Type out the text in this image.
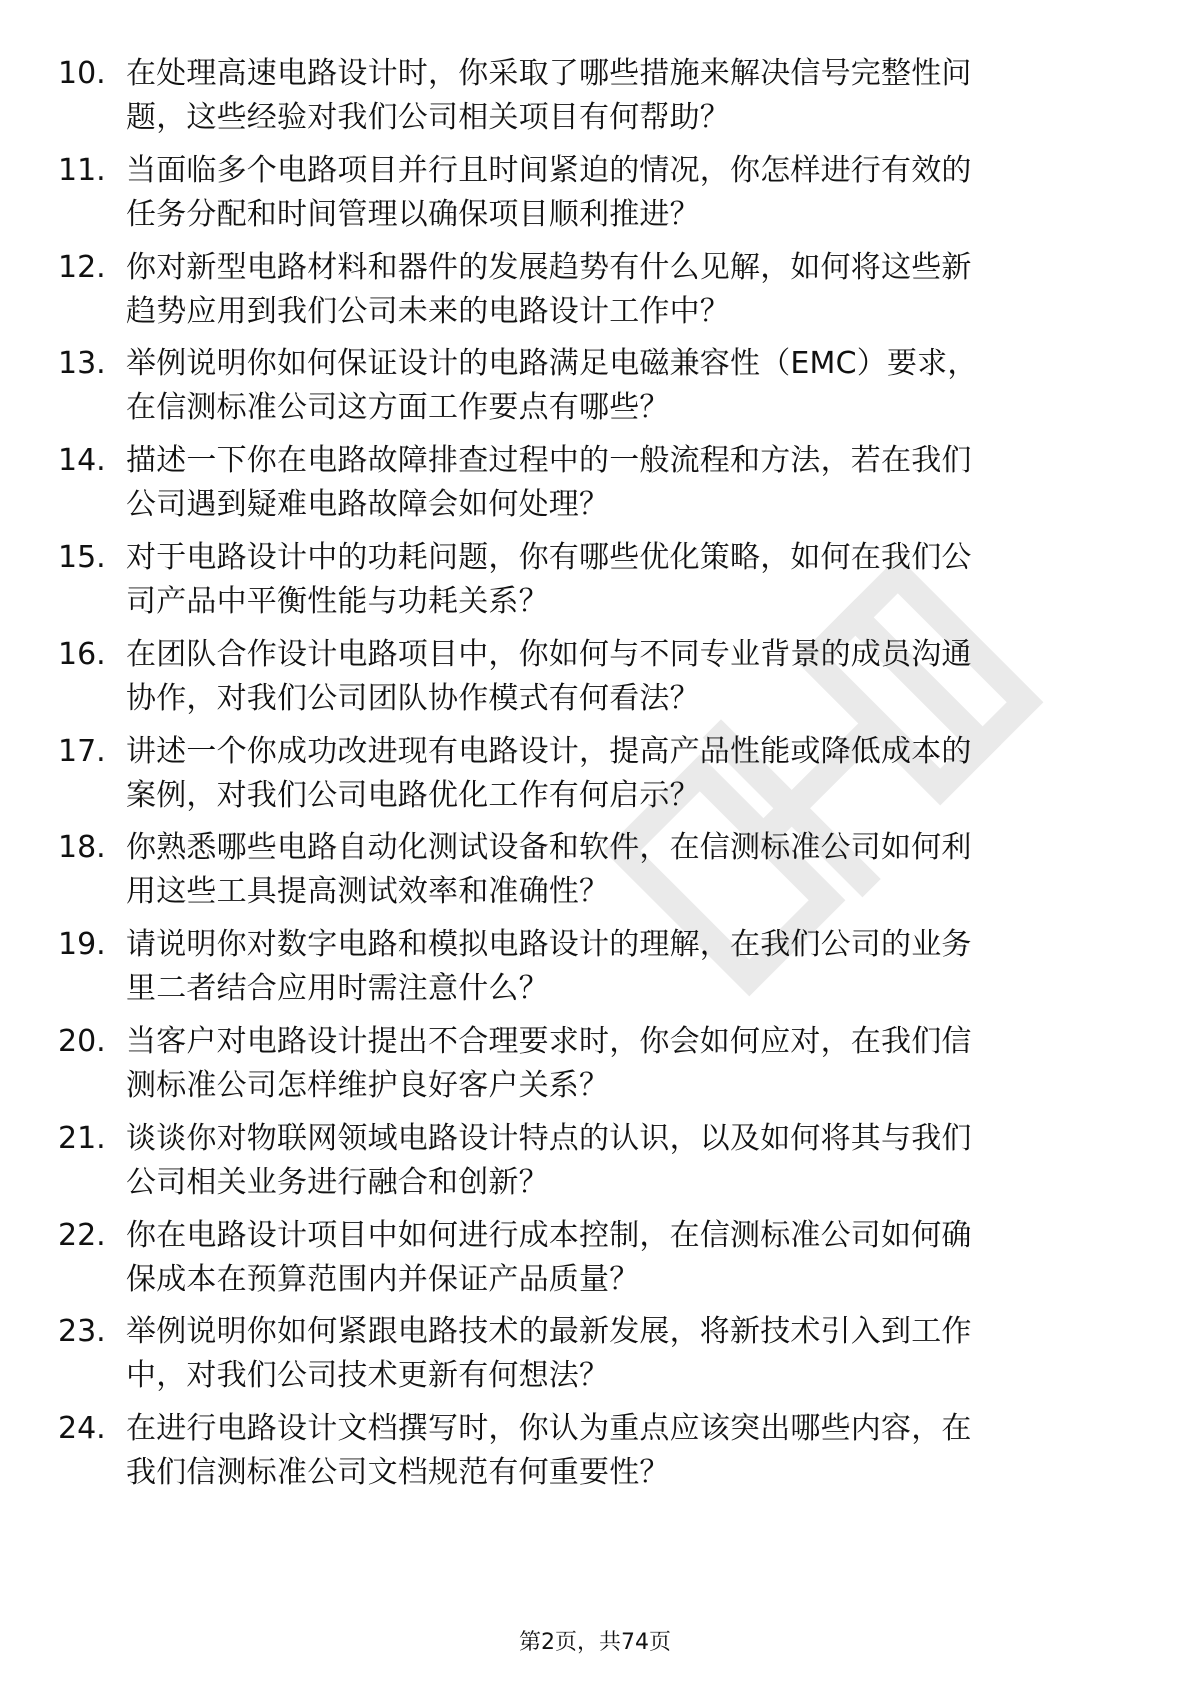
10. 在处理高速电路设计时，你采取了哪些措施来解决信号完整性问
题，这些经验对我们公司相关项目有何帮助？
11. 当面临多个电路项目并行且时间紧迫的情况，你怎样进行有效的
任务分配和时间管理以确保项目顺利推进？
12. 你对新型电路材料和器件的发展趋势有什么见解，如何将这些新
趋势应用到我们公司未来的电路设计工作中？
13. 举例说明你如何保证设计的电路满足电磁兼容性（EMC）要求，
在信测标准公司这方面工作要点有哪些？
14. 描述一下你在电路故障排查过程中的一般流程和方法，若在我们
公司遇到疑难电路故障会如何处理？
15. 对于电路设计中的功耗问题，你有哪些优化策略，如何在我们公
司产品中平衡性能与功耗关系？
16. 在团队合作设计电路项目中，你如何与不同专业背景的成员沟通
协作，对我们公司团队协作模式有何看法？
17. 讲述一个你成功改进现有电路设计，提高产品性能或降低成本的
案例，对我们公司电路优化工作有何启示？
18. 你熟悉哪些电路自动化测试设备和软件，在信测标准公司如何利
用这些工具提高测试效率和准确性？
19. 请说明你对数字电路和模拟电路设计的理解，在我们公司的业务
里二者结合应用时需注意什么？
20. 当客户对电路设计提出不合理要求时，你会如何应对，在我们信
测标准公司怎样维护良好客户关系？
21. 谈谈你对物联网领域电路设计特点的认识，以及如何将其与我们
公司相关业务进行融合和创新？
22. 你在电路设计项目中如何进行成本控制，在信测标准公司如何确
保成本在预算范围内并保证产品质量？
23. 举例说明你如何紧跟电路技术的最新发展，将新技术引入到工作
中，对我们公司技术更新有何想法？
24. 在进行电路设计文档撰写时，你认为重点应该突出哪些内容，在
我们信测标准公司文档规范有何重要性？
第2页，共74页
